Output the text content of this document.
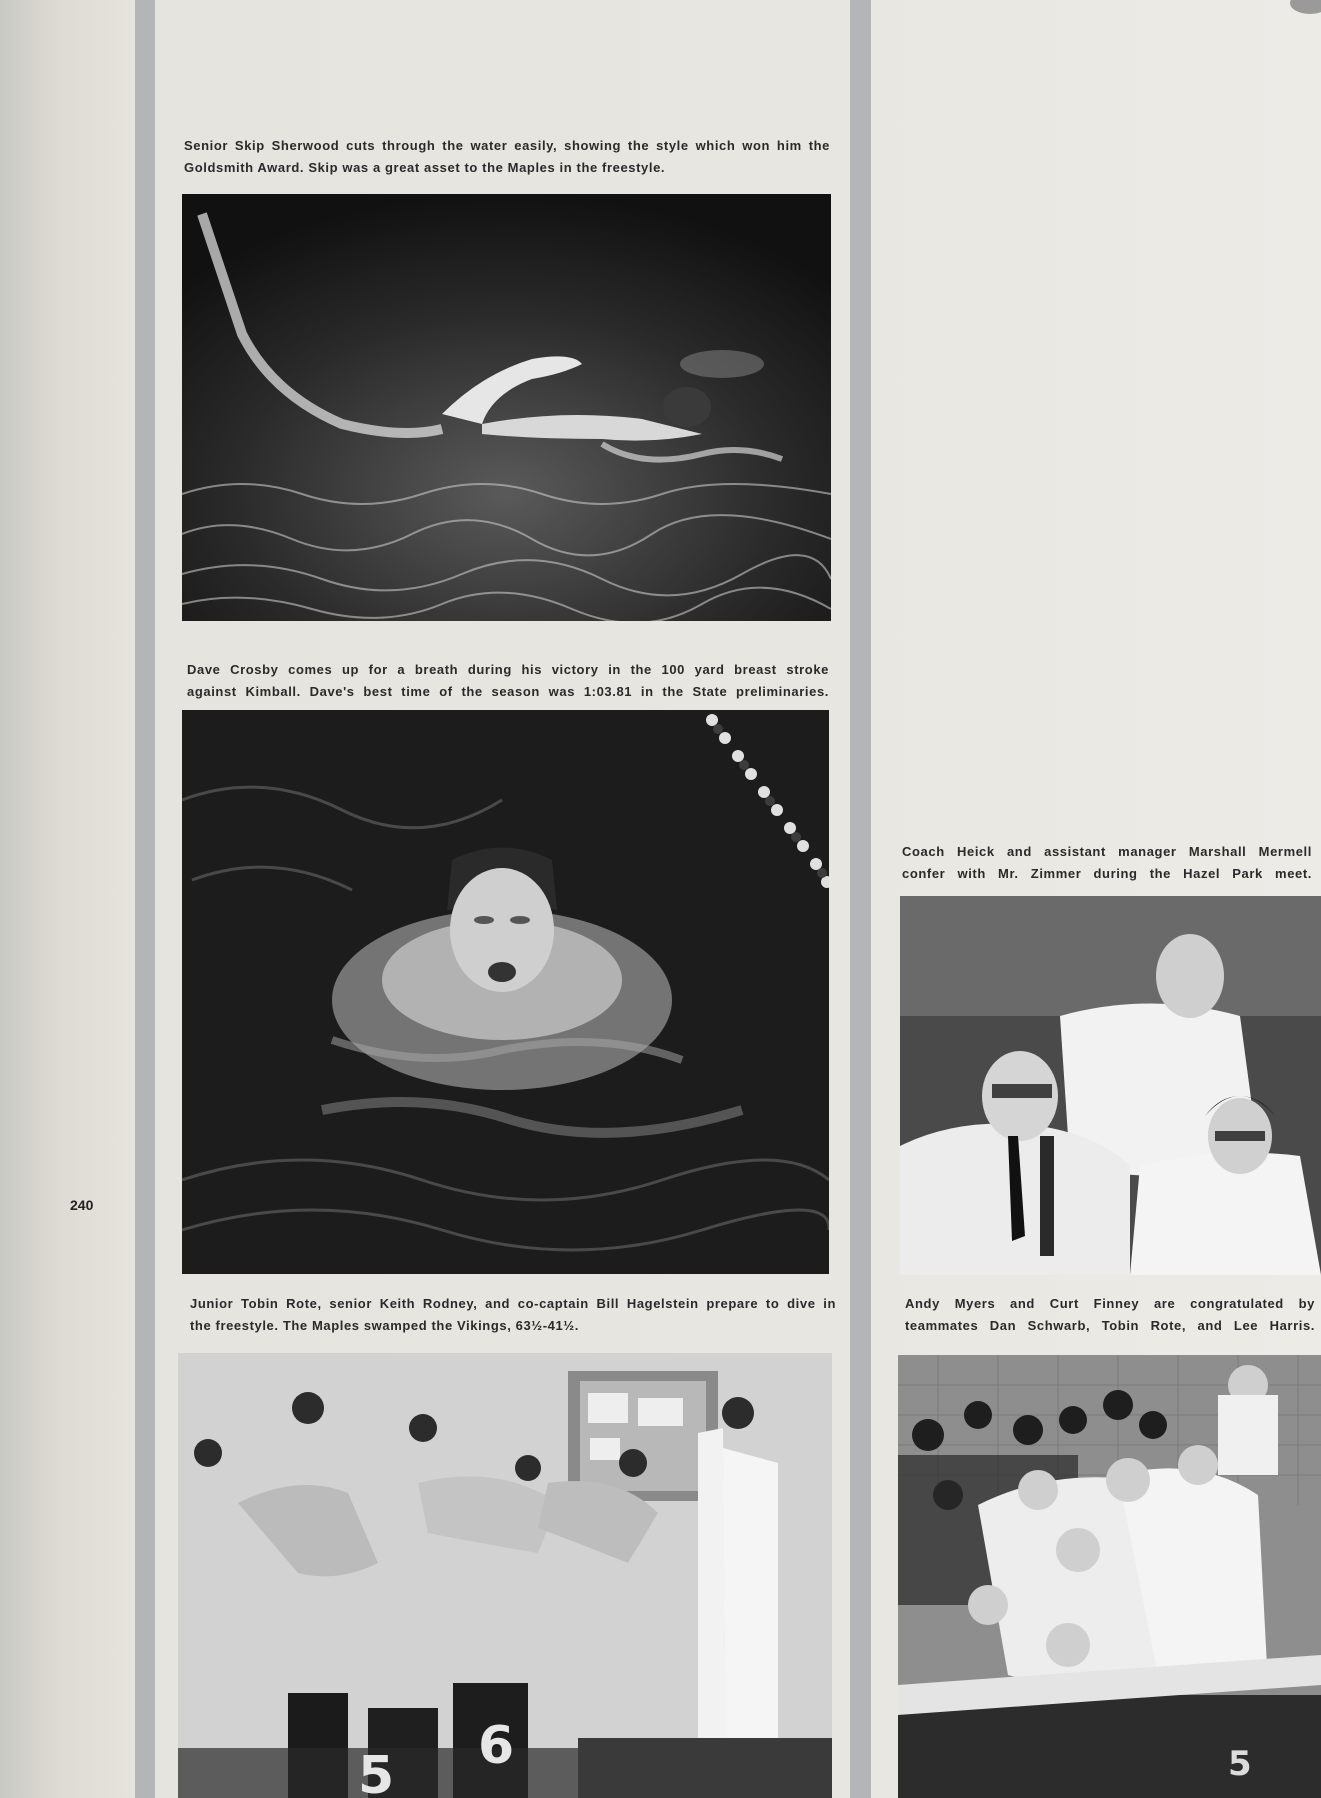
Senior Skip Sherwood cuts through the water easily, showing the style which won him the
Goldsmith Award. Skip was a great asset to the Maples in the freestyle.

Dave Crosby comes up for a breath during his victory in the 100 yard breast stroke
against Kimball. Dave's best time of the season was 1:03.81 in the State preliminaries.

240

Junior Tobin Rote, senior Keith Rodney, and co-captain Bill Hagelstein prepare to dive in
the freestyle. The Maples swamped the Vikings, 63½-41½.

6
5

Coach Heick and assistant manager Marshall Mermell
confer with Mr. Zimmer during the Hazel Park meet.

Andy Myers and Curt Finney are congratulated by
teammates Dan Schwarb, Tobin Rote, and Lee Harris.

5
